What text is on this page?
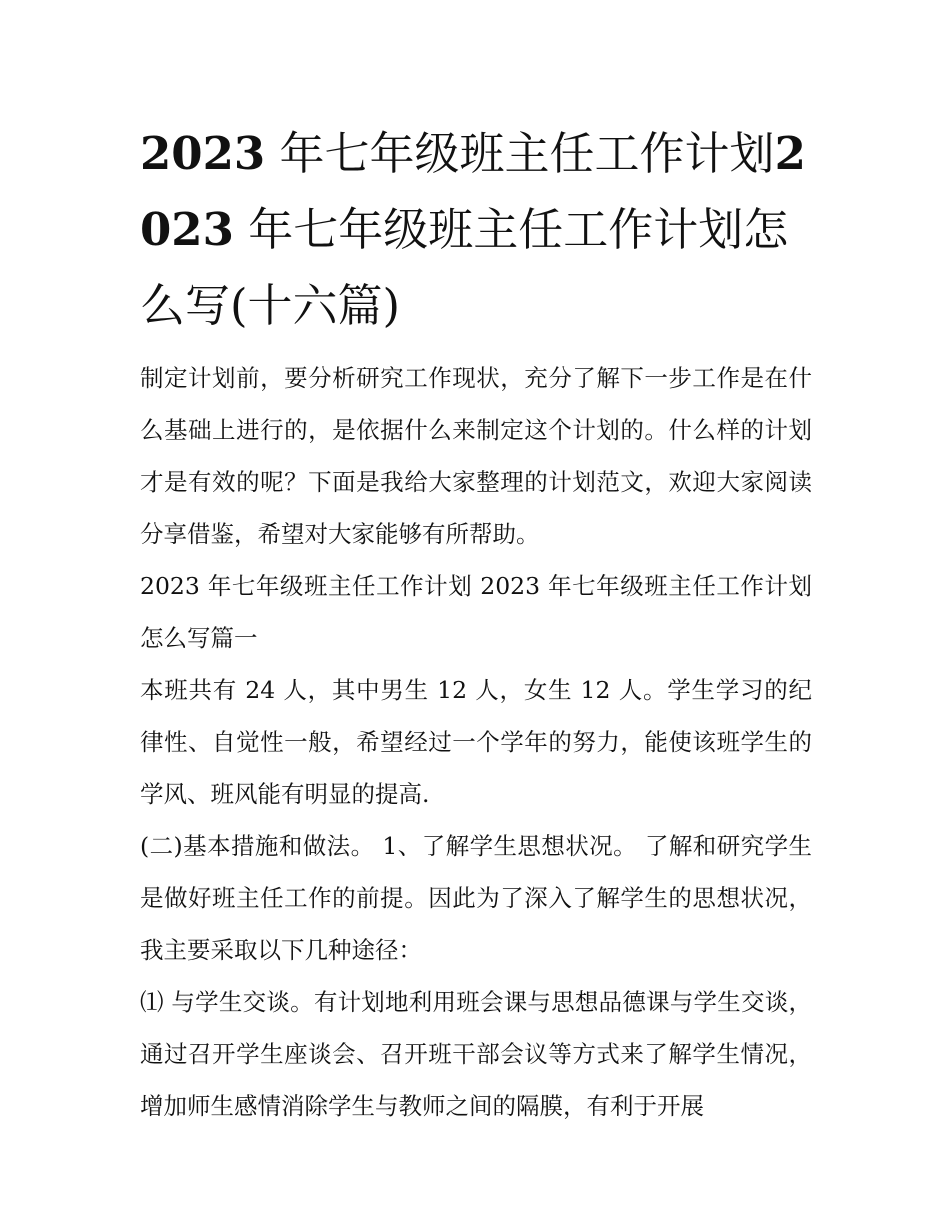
2023 年七年级班主任工作计划2023 年七年级班主任工作计划怎么写(十六篇)

制定计划前，要分析研究工作现状，充分了解下一步工作是在什么基础上进行的，是依据什么来制定这个计划的。什么样的计划才是有效的呢？下面是我给大家整理的计划范文，欢迎大家阅读分享借鉴，希望对大家能够有所帮助。

2023 年七年级班主任工作计划 2023 年七年级班主任工作计划怎么写篇一

本班共有 24 人，其中男生 12 人，女生 12 人。学生学习的纪律性、自觉性一般，希望经过一个学年的努力，能使该班学生的学风、班风能有明显的提高.

(二)基本措施和做法。 1、了解学生思想状况。 了解和研究学生是做好班主任工作的前提。因此为了深入了解学生的思想状况，我主要采取以下几种途径：

⑴ 与学生交谈。有计划地利用班会课与思想品德课与学生交谈，通过召开学生座谈会、召开班干部会议等方式来了解学生情况，增加师生感情消除学生与教师之间的隔膜，有利于开展
